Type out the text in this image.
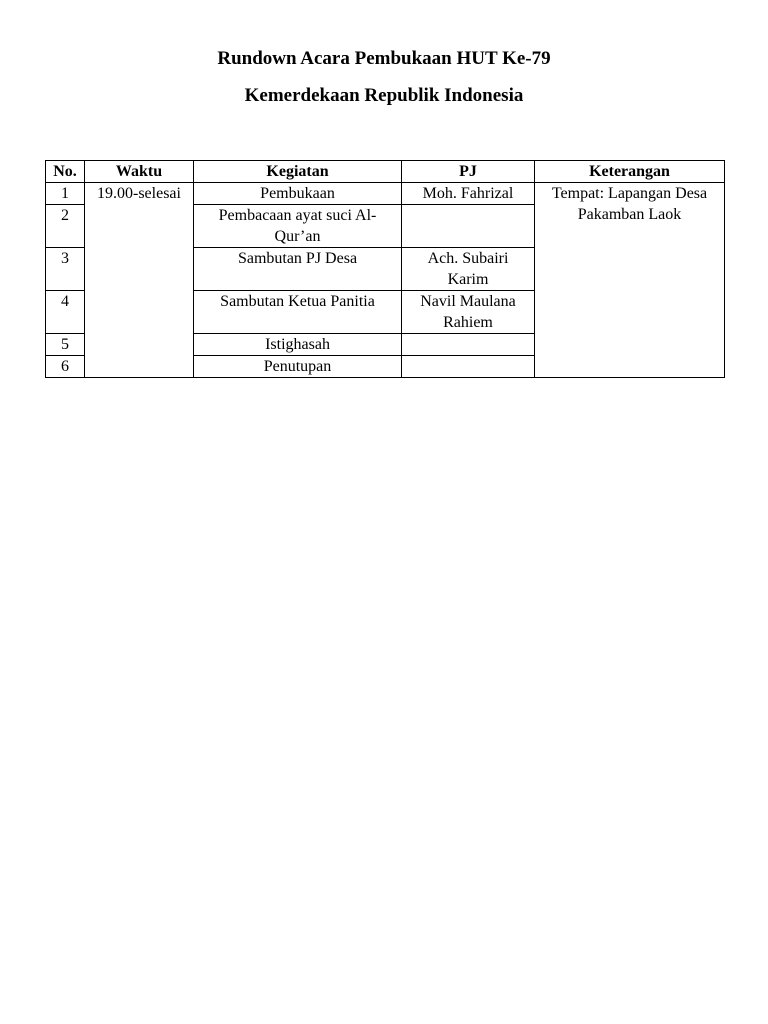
Rundown Acara Pembukaan HUT Ke-79
Kemerdekaan Republik Indonesia
No.	Waktu	Kegiatan	PJ	Keterangan
1	19.00-selesai	Pembukaan	Moh. Fahrizal	Tempat: Lapangan Desa Pakamban Laok
2		Pembacaan ayat suci Al-Qur’an		
3		Sambutan PJ Desa	Ach. Subairi Karim	
4		Sambutan Ketua Panitia	Navil Maulana Rahiem	
5		Istighasah		
6		Penutupan		
